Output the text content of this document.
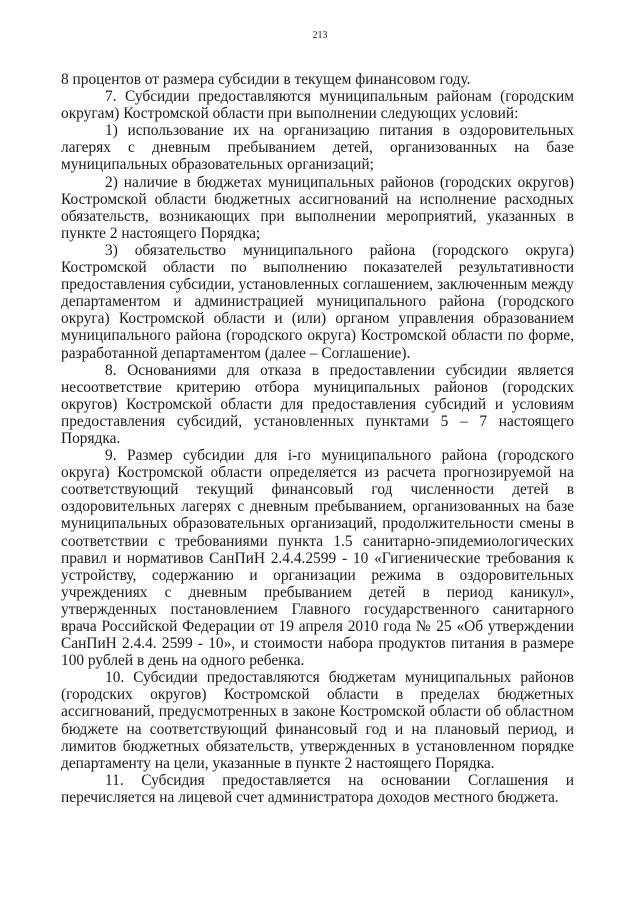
213

8 процентов от размера субсидии в текущем финансовом году.

7. Субсидии предоставляются муниципальным районам (городским округам) Костромской области при выполнении следующих условий:

1) использование их на организацию питания в оздоровительных лагерях с дневным пребыванием детей, организованных на базе муниципальных образовательных организаций;

2) наличие в бюджетах муниципальных районов (городских округов) Костромской области бюджетных ассигнований на исполнение расходных обязательств, возникающих при выполнении мероприятий, указанных в пункте 2 настоящего Порядка;

3) обязательство муниципального района (городского округа) Костромской области по выполнению показателей результативности предоставления субсидии, установленных соглашением, заключенным между департаментом и администрацией муниципального района (городского округа) Костромской области и (или) органом управления образованием муниципального района (городского округа) Костромской области по форме, разработанной департаментом (далее – Соглашение).

8. Основаниями для отказа в предоставлении субсидии является несоответствие критерию отбора муниципальных районов (городских округов) Костромской области для предоставления субсидий и условиям предоставления субсидий, установленных пунктами 5 – 7 настоящего Порядка.

9. Размер субсидии для i-го муниципального района (городского округа) Костромской области определяется из расчета прогнозируемой на соответствующий текущий финансовый год численности детей в оздоровительных лагерях с дневным пребыванием, организованных на базе муниципальных образовательных организаций, продолжительности смены в соответствии с требованиями пункта 1.5 санитарно-эпидемиологических правил и нормативов СанПиН 2.4.4.2599 - 10 «Гигиенические требования к устройству, содержанию и организации режима в оздоровительных учреждениях с дневным пребыванием детей в период каникул», утвержденных постановлением Главного государственного санитарного врача Российской Федерации от 19 апреля 2010 года № 25 «Об утверждении СанПиН 2.4.4. 2599 - 10», и стоимости набора продуктов питания в размере 100 рублей в день на одного ребенка.

10. Субсидии предоставляются бюджетам муниципальных районов (городских округов) Костромской области в пределах бюджетных ассигнований, предусмотренных в законе Костромской области об областном бюджете на соответствующий финансовый год и на плановый период, и лимитов бюджетных обязательств, утвержденных в установленном порядке департаменту на цели, указанные в пункте 2 настоящего Порядка.

11. Субсидия предоставляется на основании Соглашения и перечисляется на лицевой счет администратора доходов местного бюджета.
